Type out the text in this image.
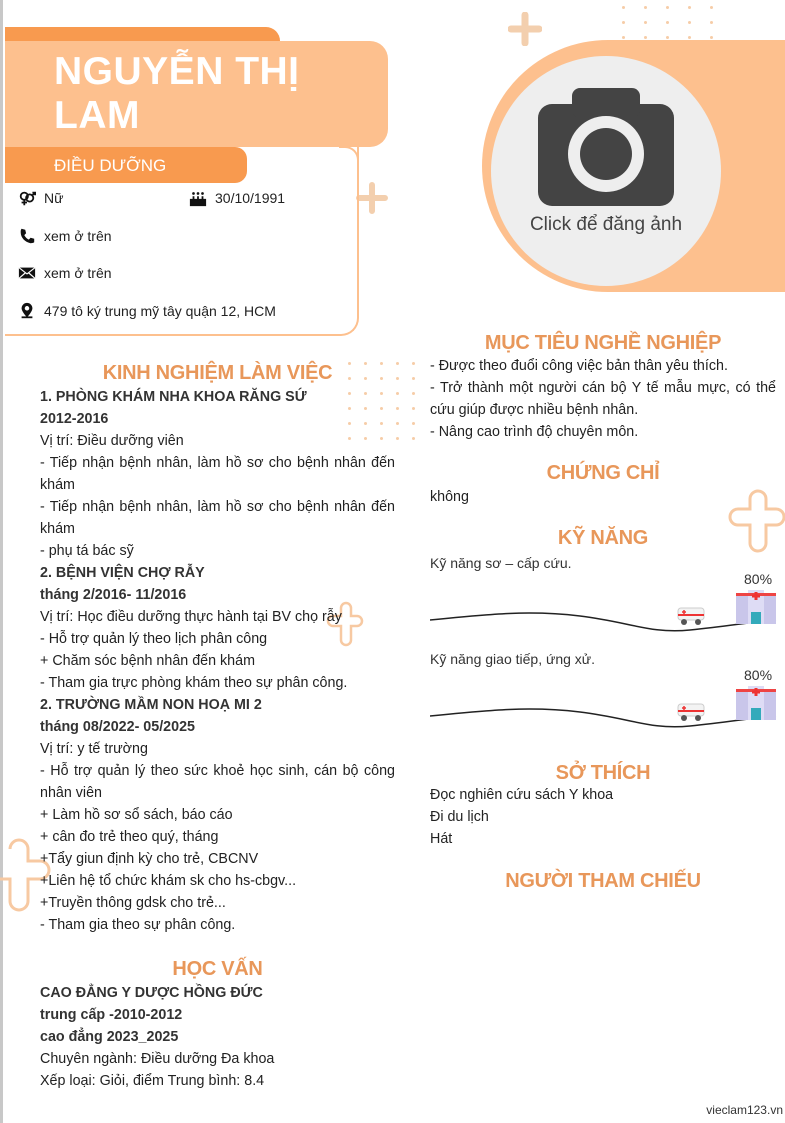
NGUYỄN THỊ
LAM
ĐIỀU DƯỠNG
Nữ	30/10/1991
xem ở trên
xem ở trên
479 tô ký trung mỹ tây quận 12, HCM
Click để đăng ảnh
KINH NGHIỆM LÀM VIỆC

1. PHÒNG KHÁM NHA KHOA RĂNG SỨ

2012-2016

Vị trí: Điều dưỡng viên

- Tiếp nhận bệnh nhân, làm hồ sơ cho bệnh nhân đến khám

- Tiếp nhận bệnh nhân, làm hồ sơ cho bệnh nhân đến khám

- phụ tá bác sỹ

2. BỆNH VIỆN CHỢ RẪY

tháng 2/2016- 11/2016

Vị trí: Học điều dưỡng thực hành tại BV chọ rẫy

- Hỗ trợ quản lý theo lịch phân công

+ Chăm sóc bệnh nhân đến khám

- Tham gia trực phòng khám theo sự phân công.

2. TRƯỜNG MẦM NON HOẠ MI 2

tháng 08/2022- 05/2025

Vị trí: y tế trường

- Hỗ trợ quản lý theo sức khoẻ học sinh, cán bộ công nhân viên

+ Làm hồ sơ sổ sách, báo cáo

+ cân đo trẻ theo quý, tháng

+Tẩy giun định kỳ cho trẻ, CBCNV

+Liên hệ tổ chức khám sk cho hs-cbgv...

+Truyền thông gdsk cho trẻ...

- Tham gia theo sự phân công.

HỌC VẤN

CAO ĐẲNG Y DƯỢC HỒNG ĐỨC

trung cấp -2010-2012

cao đẳng 2023_2025

Chuyên ngành: Điều dưỡng Đa khoa

Xếp loại: Giỏi, điểm Trung bình: 8.4

MỤC TIÊU NGHỀ NGHIỆP

- Được theo đuổi công việc bản thân yêu thích.

- Trở thành một người cán bộ Y tế mẫu mực, có thể cứu giúp được nhiều bệnh nhân.

- Nâng cao trình độ chuyên môn.

CHỨNG CHỈ
không
KỸ NĂNG
Kỹ năng sơ – cấp cứu.
80%
Kỹ năng giao tiếp, ứng xử.
80%
SỞ THÍCH
Đọc nghiên cứu sách Y khoa
Đi du lịch
Hát
NGƯỜI THAM CHIẾU
vieclam123.vn
